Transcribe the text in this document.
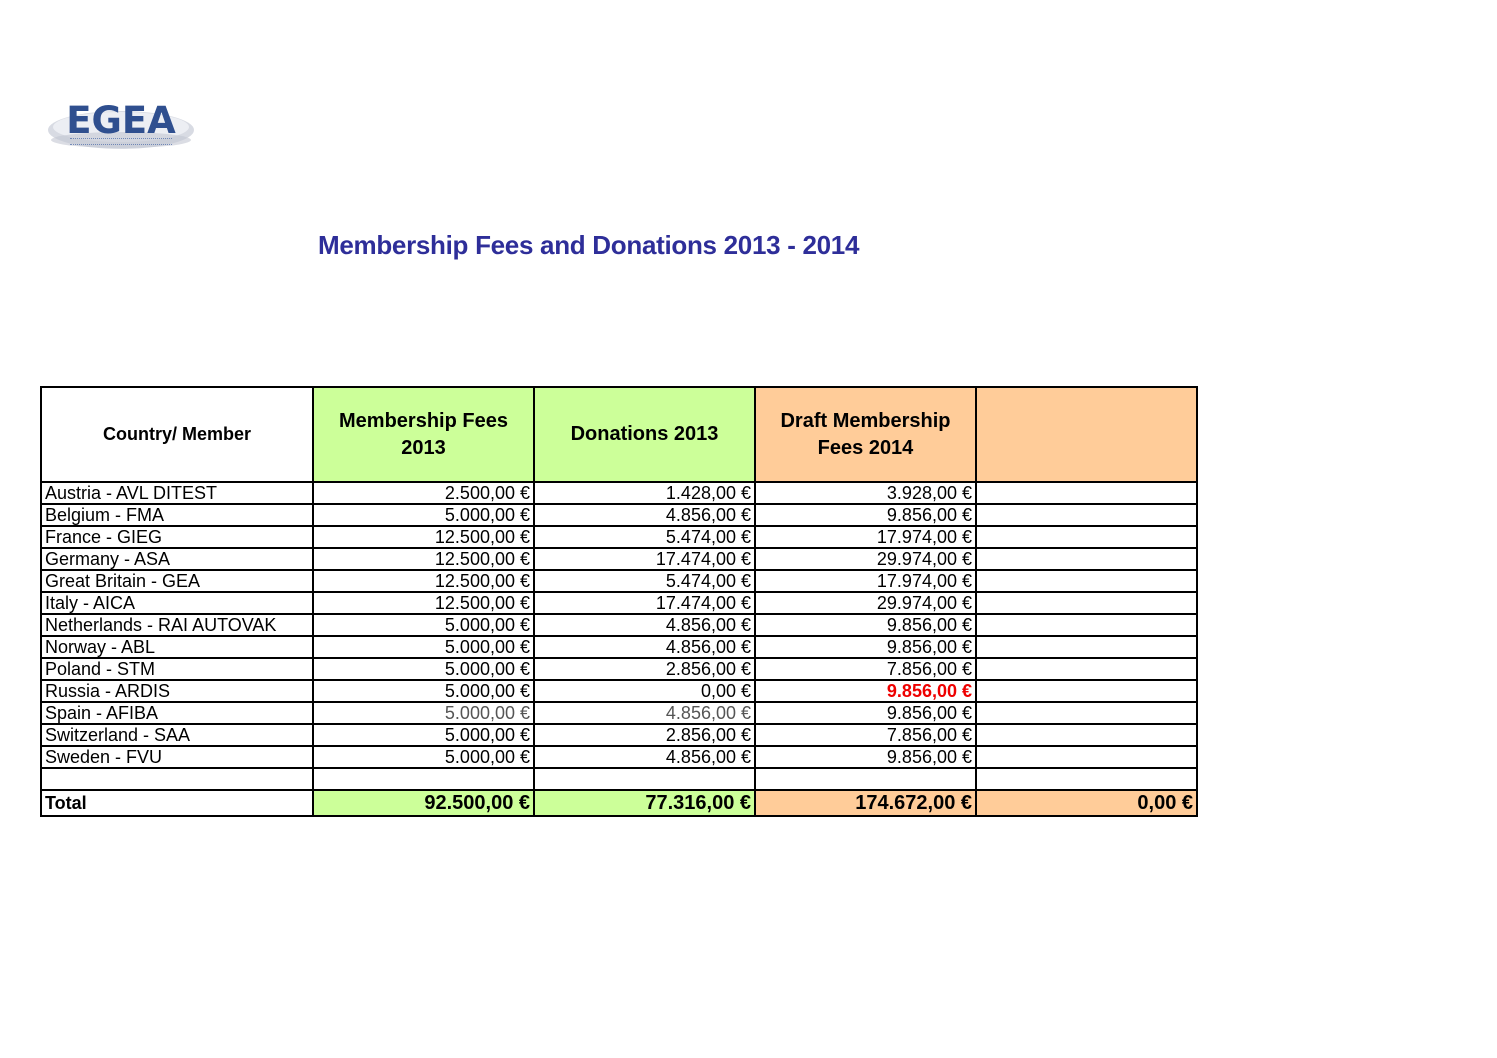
EGEA
Membership Fees and Donations 2013 - 2014
Country/ Member	Membership Fees 2013	Donations 2013	Draft Membership Fees 2014	
Austria - AVL DITEST	2.500,00 €	1.428,00 €	3.928,00 €	
Belgium - FMA	5.000,00 €	4.856,00 €	9.856,00 €	
France - GIEG	12.500,00 €	5.474,00 €	17.974,00 €	
Germany - ASA	12.500,00 €	17.474,00 €	29.974,00 €	
Great Britain - GEA	12.500,00 €	5.474,00 €	17.974,00 €	
Italy - AICA	12.500,00 €	17.474,00 €	29.974,00 €	
Netherlands - RAI AUTOVAK	5.000,00 €	4.856,00 €	9.856,00 €	
Norway - ABL	5.000,00 €	4.856,00 €	9.856,00 €	
Poland - STM	5.000,00 €	2.856,00 €	7.856,00 €	
Russia - ARDIS	5.000,00 €	0,00 €	9.856,00 €	
Spain - AFIBA	5.000,00 €	4.856,00 €	9.856,00 €	
Switzerland - SAA	5.000,00 €	2.856,00 €	7.856,00 €	
Sweden - FVU	5.000,00 €	4.856,00 €	9.856,00 €	

Total	92.500,00 €	77.316,00 €	174.672,00 €	0,00 €
